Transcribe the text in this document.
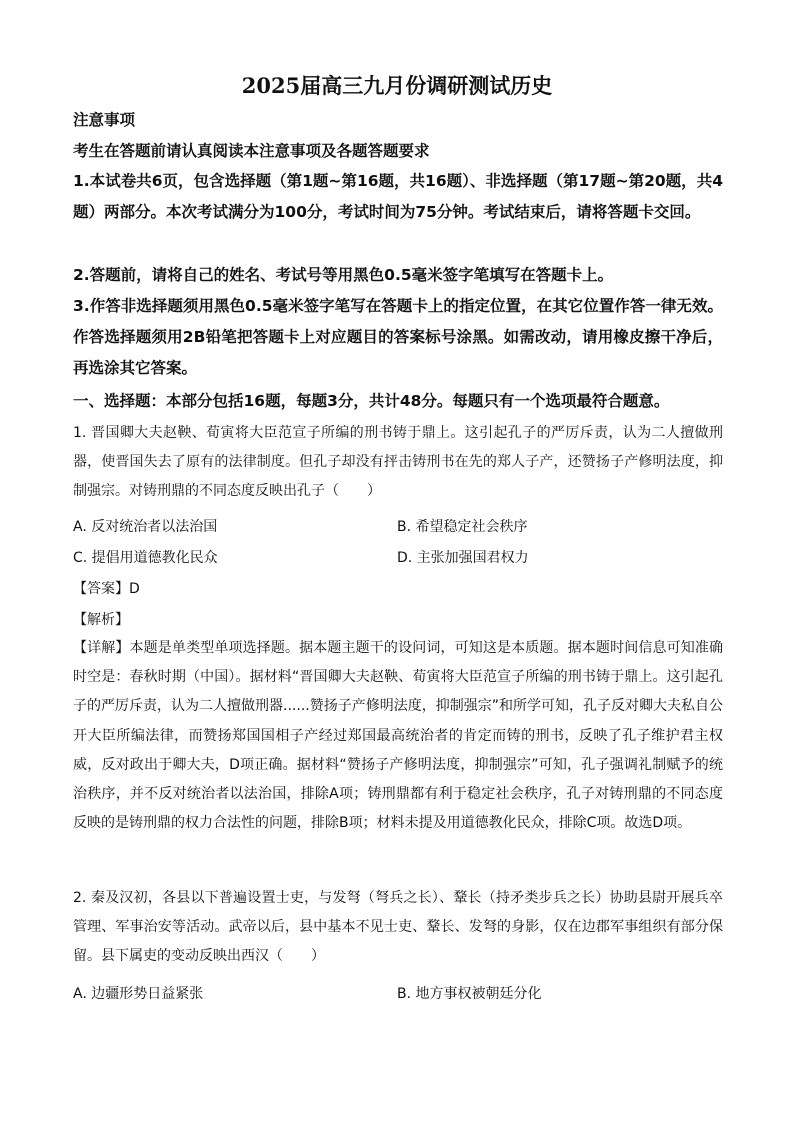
2025届高三九月份调研测试历史
注意事项
考生在答题前请认真阅读本注意事项及各题答题要求
1.本试卷共6页，包含选择题（第1题~第16题，共16题）、非选择题（第17题~第20题，共4题）两部分。本次考试满分为100分，考试时间为75分钟。考试结束后，请将答题卡交回。
2.答题前，请将自己的姓名、考试号等用黑色0.5毫米签字笔填写在答题卡上。
3.作答非选择题须用黑色0.5毫米签字笔写在答题卡上的指定位置，在其它位置作答一律无效。作答选择题须用2B铅笔把答题卡上对应题目的答案标号涂黑。如需改动，请用橡皮擦干净后，再选涂其它答案。
一、选择题：本部分包括16题，每题3分，共计48分。每题只有一个选项最符合题意。
1. 晋国卿大夫赵鞅、荀寅将大臣范宣子所编的刑书铸于鼎上。这引起孔子的严厉斥责，认为二人擅做刑器，使晋国失去了原有的法律制度。但孔子却没有抨击铸刑书在先的郑人子产，还赞扬子产修明法度，抑制强宗。对铸刑鼎的不同态度反映出孔子（　　）
A. 反对统治者以法治国	B. 希望稳定社会秩序
C. 提倡用道德教化民众	D. 主张加强国君权力
【答案】D
【解析】
【详解】本题是单类型单项选择题。据本题主题干的设问词，可知这是本质题。据本题时间信息可知准确时空是：春秋时期（中国）。据材料“晋国卿大夫赵鞅、荀寅将大臣范宣子所编的刑书铸于鼎上。这引起孔子的严厉斥责，认为二人擅做刑器......赞扬子产修明法度，抑制强宗”和所学可知，孔子反对卿大夫私自公开大臣所编法律，而赞扬郑国国相子产经过郑国最高统治者的肯定而铸的刑书，反映了孔子维护君主权威，反对政出于卿大夫，D项正确。据材料“赞扬子产修明法度，抑制强宗”可知，孔子强调礼制赋予的统治秩序，并不反对统治者以法治国，排除A项；铸刑鼎都有利于稳定社会秩序，孔子对铸刑鼎的不同态度反映的是铸刑鼎的权力合法性的问题，排除B项；材料未提及用道德教化民众，排除C项。故选D项。
2. 秦及汉初，各县以下普遍设置士吏，与发弩（弩兵之长）、鞪长（持矛类步兵之长）协助县尉开展兵卒管理、军事治安等活动。武帝以后，县中基本不见士吏、鞪长、发弩的身影，仅在边郡军事组织有部分保留。县下属吏的变动反映出西汉（　　）
A. 边疆形势日益紧张	B. 地方事权被朝廷分化
